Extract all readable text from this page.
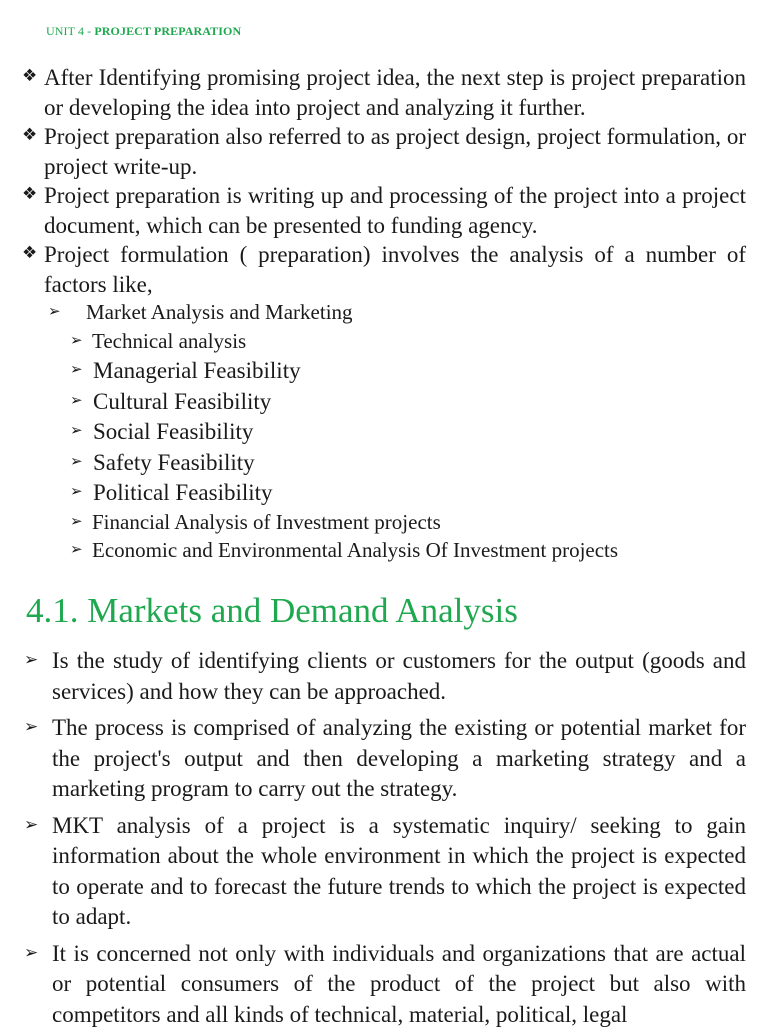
UNIT 4 - PROJECT PREPARATION
❖ After Identifying promising project idea, the next step is project preparation or developing the idea into project and analyzing it further.
❖ Project preparation also referred to as project design, project formulation, or project write-up.
❖ Project preparation is writing up and processing of the project into a project document, which can be presented to funding agency.
❖ Project formulation ( preparation) involves the analysis of a number of factors like,
➢ Market Analysis and Marketing
➢ Technical analysis
➢ Managerial Feasibility
➢ Cultural Feasibility
➢ Social Feasibility
➢ Safety Feasibility
➢ Political Feasibility
➢ Financial Analysis of Investment projects
➢ Economic and Environmental Analysis Of Investment projects
4.1. Markets and Demand Analysis
➢ Is the study of identifying clients or customers for the output (goods and services) and how they can be approached.
➢ The process is comprised of analyzing the existing or potential market for the project's output and then developing a marketing strategy and a marketing program to carry out the strategy.
➢ MKT analysis of a project is a systematic inquiry/ seeking to gain information about the whole environment in which the project is expected to operate and to forecast the future trends to which the project is expected to adapt.
➢ It is concerned not only with individuals and organizations that are actual or potential consumers of the product of the project but also with competitors and all kinds of technical, material, political, legal
